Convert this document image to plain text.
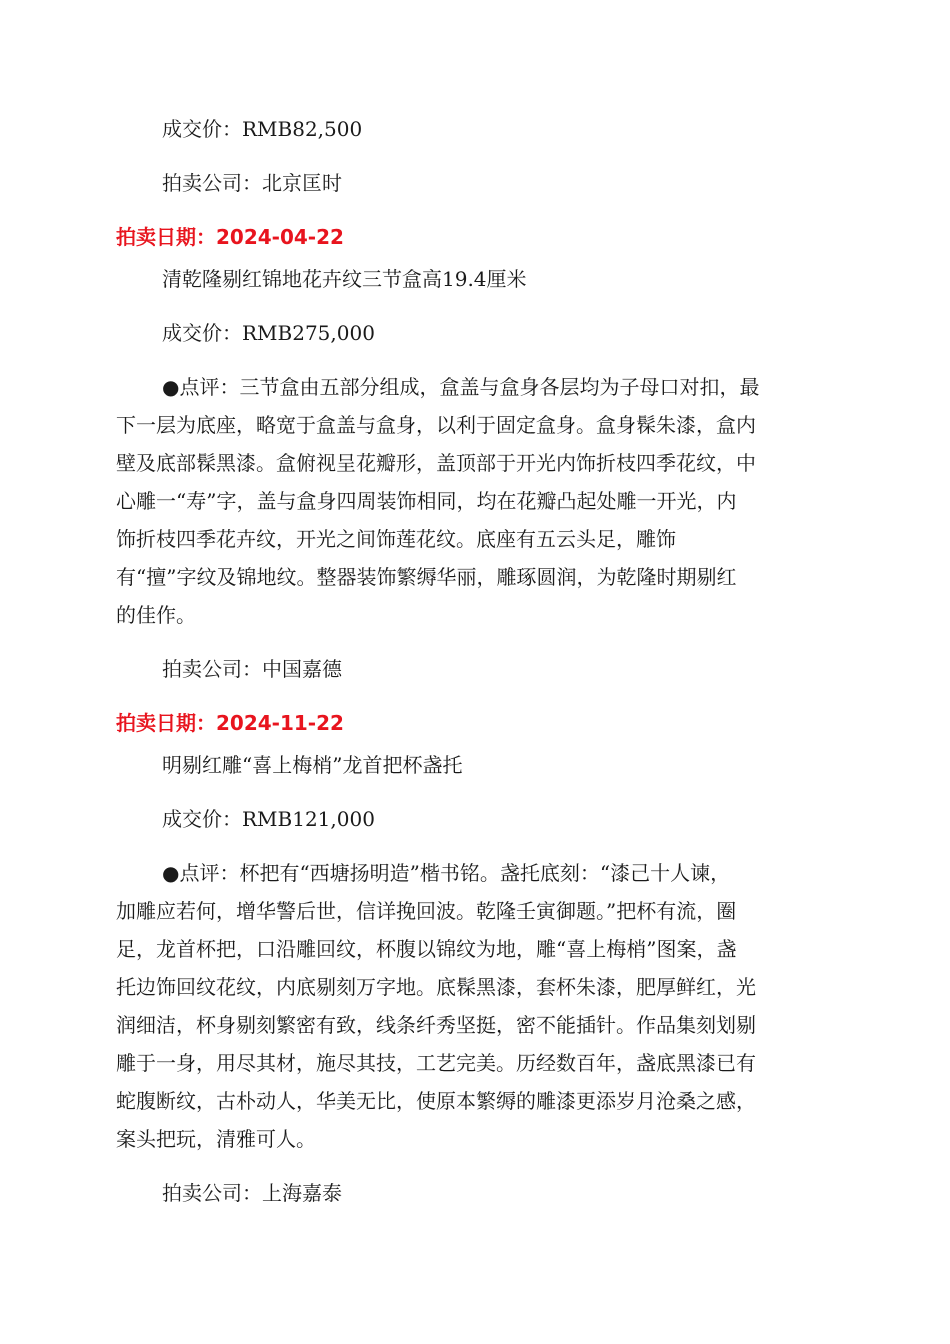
成交价：RMB82,500
拍卖公司：北京匡时
拍卖日期：2024-04-22
清乾隆剔红锦地花卉纹三节盒高19.4厘米
成交价：RMB275,000
●点评：三节盒由五部分组成，盒盖与盒身各层均为子母口对扣，最
下一层为底座，略宽于盒盖与盒身，以利于固定盒身。盒身髹朱漆，盒内
壁及底部髹黑漆。盒俯视呈花瓣形，盖顶部于开光内饰折枝四季花纹，中
心雕一“寿”字，盖与盒身四周装饰相同，均在花瓣凸起处雕一开光，内
饰折枝四季花卉纹，开光之间饰莲花纹。底座有五云头足，雕饰
有“擅”字纹及锦地纹。整器装饰繁缛华丽，雕琢圆润，为乾隆时期剔红
的佳作。
拍卖公司：中国嘉德
拍卖日期：2024-11-22
明剔红雕“喜上梅梢”龙首把杯盏托
成交价：RMB121,000
●点评：杯把有“西塘扬明造”楷书铭。盏托底刻：“漆己十人谏，
加雕应若何，增华警后世，信详挽回波。乾隆壬寅御题。”把杯有流，圈
足，龙首杯把，口沿雕回纹，杯腹以锦纹为地，雕“喜上梅梢”图案，盏
托边饰回纹花纹，内底剔刻万字地。底髹黑漆，套杯朱漆，肥厚鲜红，光
润细洁，杯身剔刻繁密有致，线条纤秀坚挺，密不能插针。作品集刻划剔
雕于一身，用尽其材，施尽其技，工艺完美。历经数百年，盏底黑漆已有
蛇腹断纹，古朴动人，华美无比，使原本繁缛的雕漆更添岁月沧桑之感，
案头把玩，清雅可人。
拍卖公司：上海嘉泰
